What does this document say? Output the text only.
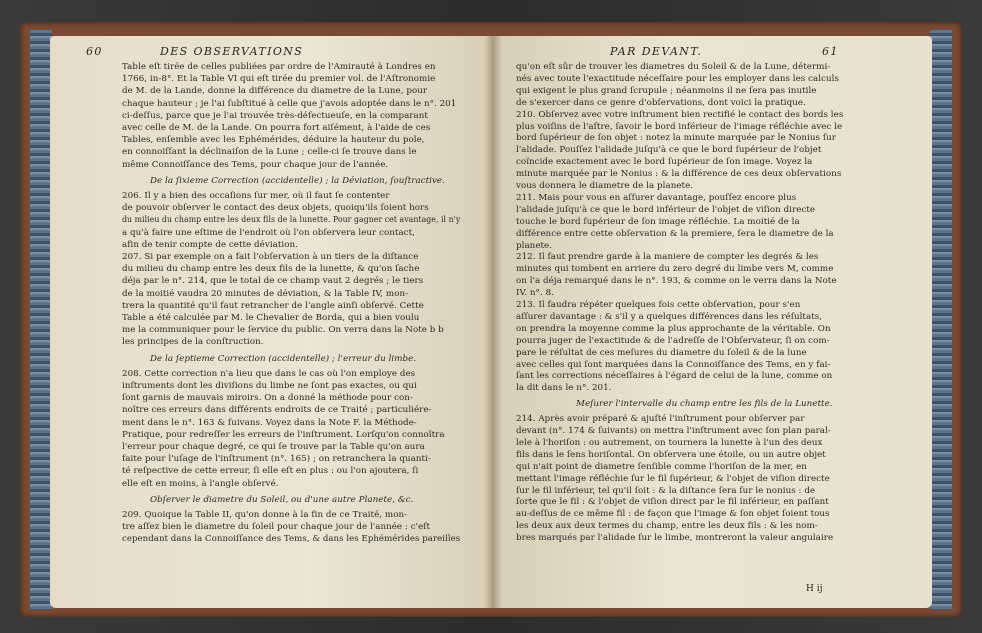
60	DES OBSERVATIONS
Table eſt tirée de celles publiées par ordre de l'Amirauté à Londres en
1766, in-8°. Et la Table VI qui eſt tirée du premier vol. de l'Aſtronomie
de M. de la Lande, donne la différence du diametre de la Lune, pour
chaque hauteur ; je l'ai ſubſtitué à celle que j'avois adoptée dans le n°. 201
ci-deſſus, parce que je l'ai trouvée très-défectueuſe, en la comparant
avec celle de M. de la Lande. On pourra fort aiſément, à l'aide de ces
Tables, enſemble avec les Ephémérides, déduire la hauteur du pole,
en connoiſſant la déclinaiſon de la Lune ; celle-ci ſe trouve dans le
même Connoiſſance des Tems, pour chaque jour de l'année.
De la ſixieme Correction (accidentelle) ; la Déviation, ſouſtractive.
206. Il y a bien des occaſions ſur mer, où il faut ſe contenter
de pouvoir obſerver le contact des deux objets, quoiqu'ils ſoient hors
du milieu du champ entre les deux fils de la lunette. Pour gagner cet avantage, il n'y
a qu'à faire une eſtime de l'endroit où l'on obſervera leur contact,
afin de tenir compte de cette déviation.
207. Si par exemple on a fait l'obſervation à un tiers de la diſtance
du milieu du champ entre les deux fils de la lunette, & qu'on ſache
déja par le n°. 214, que le total de ce champ vaut 2 degrés ; le tiers
de la moitié vaudra 20 minutes de déviation, & la Table IV, mon-
trera la quantité qu'il faut retrancher de l'angle ainſi obſervé. Cette
Table a été calculée par M. le Chevalier de Borda, qui a bien voulu
me la communiquer pour le ſervice du public. On verra dans la Note b b
les principes de la conſtruction.
De la ſeptieme Correction (accidentelle) ; l'erreur du limbe.
208. Cette correction n'a lieu que dans le cas où l'on employe des
inſtruments dont les diviſions du limbe ne ſont pas exactes, ou qui
ſont garnis de mauvais miroirs. On a donné la méthode pour con-
noître ces erreurs dans différents endroits de ce Traité ; particuliére-
ment dans le n°. 163 & ſuivans. Voyez dans la Note F. la Méthode-
Pratique, pour redreſſer les erreurs de l'inſtrument. Lorſqu'on connoîtra
l'erreur pour chaque degré, ce qui ſe trouve par la Table qu'on aura
faite pour l'uſage de l'inſtrument (n°. 165) ; on retranchera la quanti-
té reſpective de cette erreur, ſi elle eſt en plus : ou l'on ajoutera, ſi
elle eſt en moins, à l'angle obſervé.
Obſerver le diametre du Soleil, ou d'une autre Planete, &c.
209. Quoique la Table II, qu'on donne à la fin de ce Traité, mon-
tre aſſez bien le diametre du ſoleil pour chaque jour de l'année : c'eſt
cependant dans la Connoiſſance des Tems, & dans les Ephémérides pareilles
PAR DEVANT.	61
qu'on eſt sûr de trouver les diametres du Soleil & de la Lune, détermi-
nés avec toute l'exactitude néceſſaire pour les employer dans les calculs
qui exigent le plus grand ſcrupule ; néanmoins il ne ſera pas inutile
de s'exercer dans ce genre d'obſervations, dont voici la pratique.
210. Obſervez avec votre inſtrument bien rectifié le contact des bords les
plus voiſins de l'aſtre, ſavoir le bord inférieur de l'image réfléchie avec le
bord ſupérieur de ſon objet : notez la minute marquée par le Nonius ſur
l'alidade. Pouſſez l'alidade juſqu'à ce que le bord ſupérieur de l'objet
coïncide exactement avec le bord ſupérieur de ſon image. Voyez la
minute marquée par le Nonius : & la différence de ces deux obſervations
vous donnera le diametre de la planete.
211. Mais pour vous en aſſurer davantage, pouſſez encore plus
l'alidade juſqu'à ce que le bord inférieur de l'objet de viſion directe
touche le bord ſupérieur de ſon image réfléchie. La moitié de la
différence entre cette obſervation & la premiere, ſera le diametre de la
planete.
212. Il faut prendre garde à la maniere de compter les degrés & les
minutes qui tombent en arriere du zero degré du limbe vers M, comme
on l'a déja remarqué dans le n°. 193, & comme on le verra dans la Note
IV. n°. 8.
213. Il faudra répéter quelques fois cette obſervation, pour s'en
aſſurer davantage : & s'il y a quelques différences dans les réſultats,
on prendra la moyenne comme la plus approchante de la véritable. On
pourra juger de l'exactitude & de l'adreſſe de l'Obſervateur, ſi on com-
pare le réſultat de ces meſures du diametre du ſoleil & de la lune
avec celles qui ſont marquées dans la Connoiſſance des Tems, en y fai-
ſant les corrections néceſſaires à l'égard de celui de la lune, comme on
la dit dans le n°. 201.
Meſurer l'intervalle du champ entre les fils de la Lunette.
214. Après avoir préparé & ajuſté l'inſtrument pour obſerver par
devant (n°. 174 & ſuivants) on mettra l'inſtrument avec ſon plan paral-
lele à l'horiſon : ou autrement, on tournera la lunette à l'un des deux
fils dans le ſens horiſontal. On obſervera une étoile, ou un autre objet
qui n'ait point de diametre ſenſible comme l'horiſon de la mer, en
mettant l'image réfléchie ſur le fil ſupérieur, & l'objet de viſion directe
ſur le fil inférieur, tel qu'il ſoit : & la diſtance ſera ſur le nonius : de
ſorte que le fil : & l'objet de viſion direct par le fil inférieur, en paſſant
au-deſſus de ce même fil : de façon que l'image & ſon objet ſoient tous
les deux aux deux termes du champ, entre les deux fils : & les nom-
bres marqués par l'alidade ſur le limbe, montreront la valeur angulaire
H ij
